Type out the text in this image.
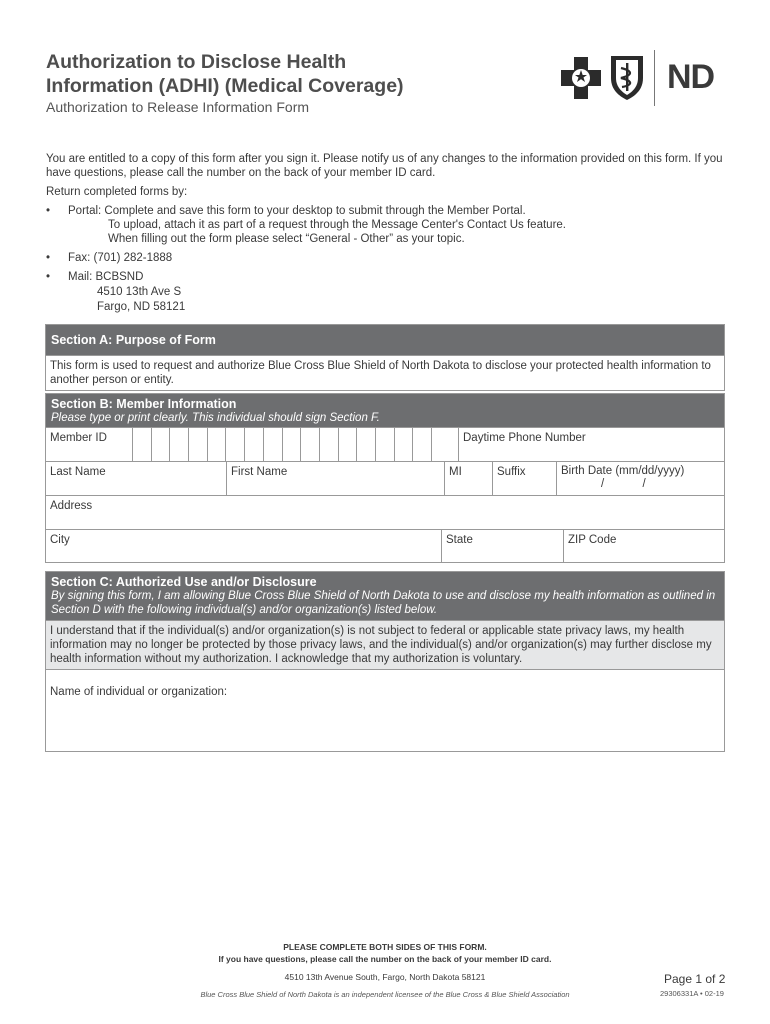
Authorization to Disclose Health
Information (ADHI) (Medical Coverage)
Authorization to Release Information Form
ND

You are entitled to a copy of this form after you sign it. Please notify us of any changes to the information provided on this form. If you have questions, please call the number on the back of your member ID card.

Return completed forms by:

• Portal: Complete and save this form to your desktop to submit through the Member Portal.
To upload, attach it as part of a request through the Message Center's Contact Us feature.
When filling out the form please select “General - Other” as your topic.
• Fax: (701) 282-1888
• Mail: BCBSND
4510 13th Ave S
Fargo, ND 58121
Section A: Purpose of Form
This form is used to request and authorize Blue Cross Blue Shield of North Dakota to disclose your protected health information to another person or entity.
Section B: Member Information
Please type or print clearly. This individual should sign Section F.
Member ID	Daytime Phone Number
Last Name	First Name	MI	Suffix	Birth Date (mm/dd/yyyy)
/            /
Address
City	State	ZIP Code
Section C: Authorized Use and/or Disclosure
By signing this form, I am allowing Blue Cross Blue Shield of North Dakota to use and disclose my health information as outlined in Section D with the following individual(s) and/or organization(s) listed below.
I understand that if the individual(s) and/or organization(s) is not subject to federal or applicable state privacy laws, my health information may no longer be protected by those privacy laws, and the individual(s) and/or organization(s) may further disclose my health information without my authorization. I acknowledge that my authorization is voluntary.
Name of individual or organization:
PLEASE COMPLETE BOTH SIDES OF THIS FORM.
If you have questions, please call the number on the back of your member ID card.
4510 13th Avenue South, Fargo, North Dakota 58121
Blue Cross Blue Shield of North Dakota is an independent licensee of the Blue Cross & Blue Shield Association
Page 1 of 2
29306331A • 02-19
